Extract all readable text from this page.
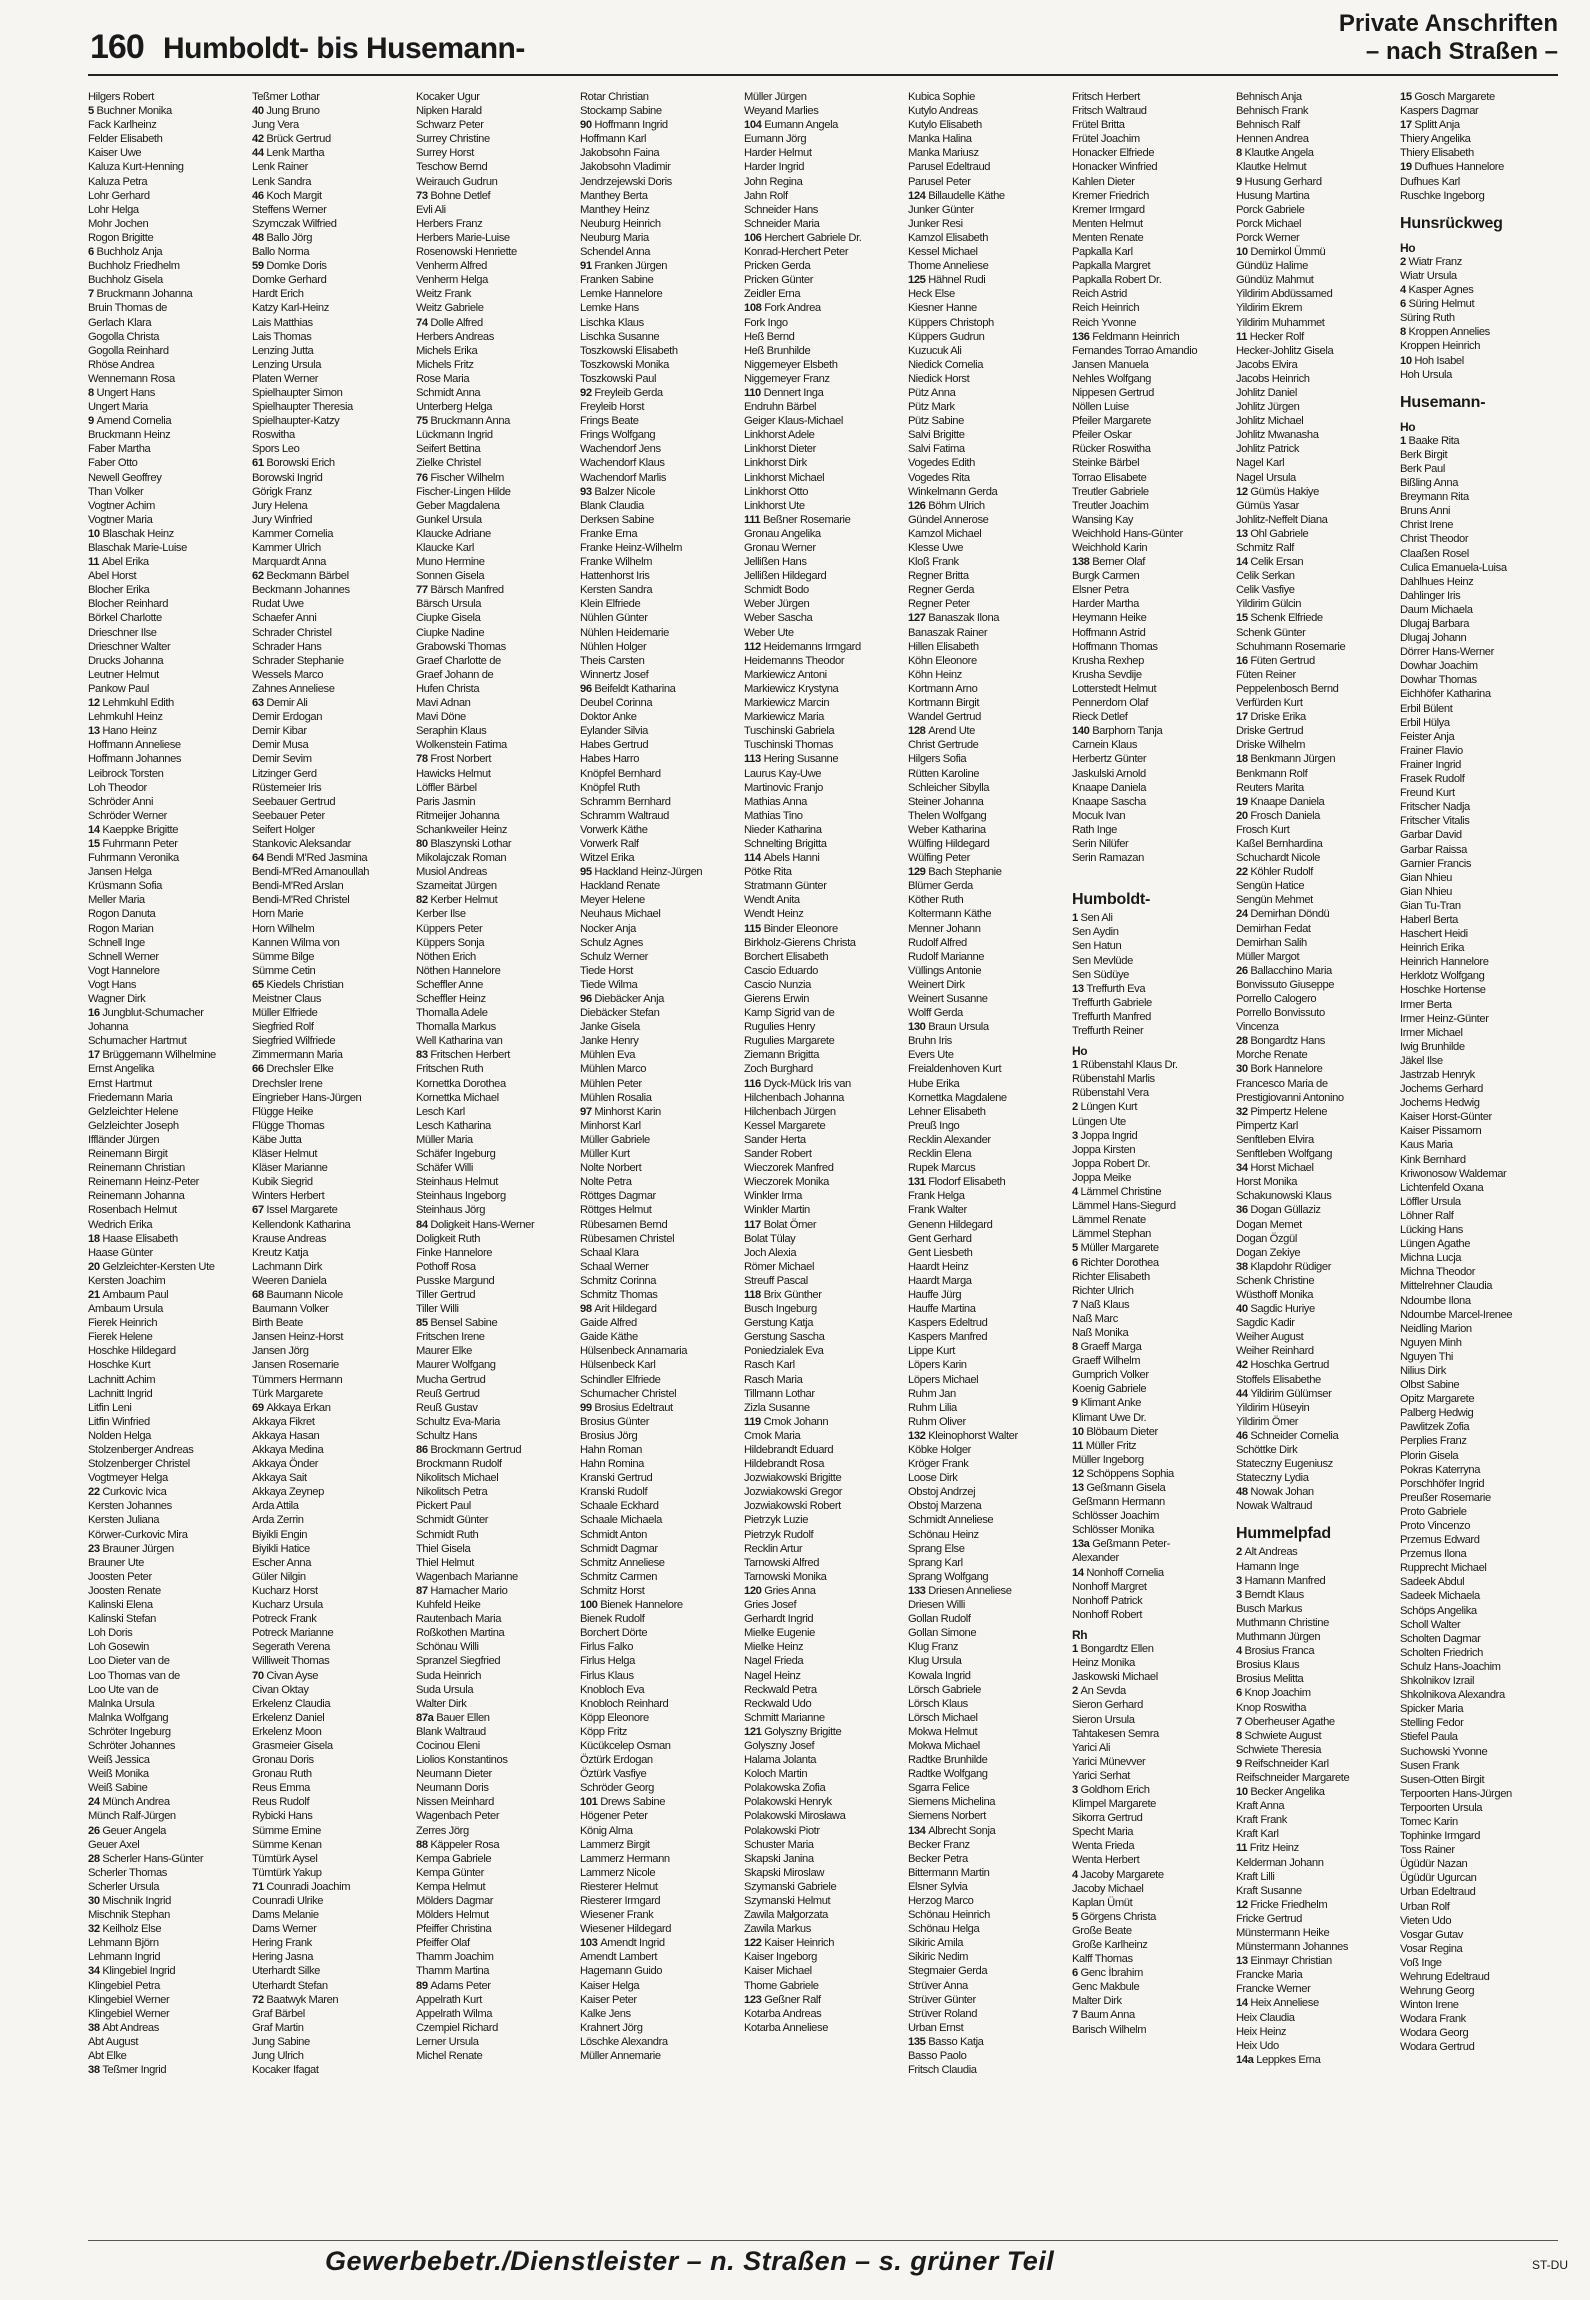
160 Humboldt- bis Husemann-
Private Anschriften
– nach Straßen –
Hilgers Robert
5 Buchner Monika
Fack Karlheinz
Felder Elisabeth
Kaiser Uwe
Kaluza Kurt-Henning
Kaluza Petra
Lohr Gerhard
Lohr Helga
Mohr Jochen
Rogon Brigitte
6 Buchholz Anja
Buchholz Friedhelm
Buchholz Gisela
7 Bruckmann Johanna
Bruin Thomas de
Gerlach Klara
Gogolla Christa
Gogolla Reinhard
Rhöse Andrea
Wennemann Rosa
8 Ungert Hans
Ungert Maria
9 Amend Cornelia
Bruckmann Heinz
Faber Martha
Faber Otto
Newell Geoffrey
Than Volker
Vogtner Achim
Vogtner Maria
10 Blaschak Heinz
Blaschak Marie-Luise
11 Abel Erika
Abel Horst
Blocher Erika
Blocher Reinhard
Börkel Charlotte
Driesch​ner Ilse
Driesch​ner Walter
Drucks Johanna
Leutner Helmut
Pankow Paul
12 Lehmkuhl Edith
Lehmkuhl Heinz
13 Hano Heinz
Hoffmann Anneliese
Hoffmann Johannes
Leibrock Torsten
Loh Theodor
Schröder Anni
Schröder Werner
14 Kaeppke Brigitte
15 Fuhrmann Peter
Fuhrmann Veronika
Jansen Helga
Krüsmann Sofia
Meller Maria
Rogon Danuta
Rogon Marian
Schnell Inge
Schnell Werner
Vogt Hannelore
Vogt Hans
Wagner Dirk
16 Jungblut-Schumacher
Johanna
Schumacher Hartmut
17 Brüggemann Wilhelmine
Ernst Angelika
Ernst Hartmut
Friedemann Maria
Gelzleichter Helene
Gelzleichter Joseph
Iffländer Jürgen
Reinemann Birgit
Reinemann Christian
Reinemann Heinz-Peter
Reinemann Johanna
Rosenbach Helmut
Wedrich Erika
18 Haase Elisabeth
Haase Günter
20 Gelzleichter-Kersten Ute
Kersten Joachim
21 Ambaum Paul
Ambaum Ursula
Fierek Heinrich
Fierek Helene
Hoschke Hildegard
Hoschke Kurt
Lachnitt Achim
Lachnitt Ingrid
Litfin Leni
Litfin Winfried
Nolden Helga
Stolzenberger Andreas
Stolzenberger Christel
Vogtmeyer Helga
22 Curkovic Ivica
Kersten Johannes
Kersten Juliana
Körwer-Curkovic Mira
23 Brauner Jürgen
Brauner Ute
Joosten Peter
Joosten Renate
Kalinski Elena
Kalinski Stefan
Loh Doris
Loh Gosewin
Loo Dieter van de
Loo Thomas van de
Loo Ute van de
Malnka Ursula
Malnka Wolfgang
Schröter Ingeburg
Schröter Johannes
Weiß Jessica
Weiß Monika
Weiß Sabine
24 Münch Andrea
Münch Ralf-Jürgen
26 Geuer Angela
Geuer Axel
28 Scherler Hans-Günter
Scherler Thomas
Scherler Ursula
30 Mischnik Ingrid
Mischnik Stephan
32 Keilholz Else
Lehmann Björn
Lehmann Ingrid
34 Klingebiel Ingrid
Klingebiel Petra
Klingebiel Werner
Klingebiel Werner
38 Abt Andreas
Abt August
Abt Elke
38 Teßmer Ingrid
Teßmer Lothar
40 Jung Bruno
Jung Vera
42 Brück Gertrud
44 Lenk Martha
Lenk Rainer
Lenk Sandra
46 Koch Margit
Steffens Werner
Szymczak Wilfried
48 Ballo Jörg
Ballo Norma
59 Domke Doris
Domke Gerhard
Hardt Erich
Katzy Karl-Heinz
Lais Matthias
Lais Thomas
Lenzing Jutta
Lenzing Ursula
Platen Werner
Spielhaupter Simon
Spielhaupter Theresia
Spielhaupter-Katzy
Roswitha
Spors Leo
61 Borowski Erich
Borowski Ingrid
Görigk Franz
Jury Helena
Jury Winfried
Kammer Cornelia
Kammer Ulrich
Marquardt Anna
62 Beckmann Bärbel
Beckmann Johannes
Rudat Uwe
Schaefer Anni
Schrader Christel
Schrader Hans
Schrader Stephanie
Wessels Marco
Zahnes Anneliese
63 Demir Ali
Demir Erdogan
Demir Kibar
Demir Musa
Demir Sevim
Litzinger Gerd
Rüstemeier Iris
Seebauer Gertrud
Seebauer Peter
Seifert Holger
Stankovic Aleksandar
64 Bendi M'Red Jasmina
Bendi-M'Red Amanoullah
Bendi-M'Red Arslan
Bendi-M'Red Christel
Horn Marie
Horn Wilhelm
Kannen Wilma von
Sümme Bilge
Sümme Cetin
65 Kiedels Christian
Meistner Claus
Müller Elfriede
Siegfried Rolf
Siegfried Wilfriede
Zimmermann Maria
66 Drechsler Elke
Drechsler Irene
Eingrieber Hans-Jürgen
Flügge Heike
Flügge Thomas
Käbe Jutta
Kläser Helmut
Kläser Marianne
Kubik Siegrid
Winters Herbert
67 Issel Margarete
Kellendonk Katharina
Krause Andreas
Kreutz Katja
Lachmann Dirk
Weeren Daniela
68 Baumann Nicole
Baumann Volker
Birth Beate
Jansen Heinz-Horst
Jansen Jörg
Jansen Rosemarie
Tümmers Hermann
Türk Margarete
69 Akkaya Erkan
Akkaya Fikret
Akkaya Hasan
Akkaya Medina
Akkaya Önder
Akkaya Sait
Akkaya Zeynep
Arda Attila
Arda Zerrin
Biyikli Engin
Biyikli Hatice
Escher Anna
Güler Nilgin
Kucharz Horst
Kucharz Ursula
Potreck Frank
Potreck Marianne
Segerath Verena
Williweit Thomas
70 Civan Ayse
Civan Oktay
Erkelenz Claudia
Erkelenz Daniel
Erkelenz Moon
Grasmeier Gisela
Gronau Doris
Gronau Ruth
Reus Emma
Reus Rudolf
Rybicki Hans
Sümme Emine
Sümme Kenan
Tümtürk Aysel
Tümtürk Yakup
71 Counradi Joachim
Counradi Ulrike
Dams Melanie
Dams Werner
Hering Frank
Hering Jasna
Uterhardt Silke
Uterhardt Stefan
72 Baatwyk Maren
Graf Bärbel
Graf Martin
Jung Sabine
Jung Ulrich
Kocaker Ifagat
Kocaker Ugur
Nipken Harald
Schwarz Peter
Surrey Christine
Surrey Horst
Teschow Bernd
Weirauch Gudrun
73 Bohne Detlef
Evli Ali
Herbers Franz
Herbers Marie-Luise
Rosenowski Henriette
Venherm Alfred
Venherm Helga
Weitz Frank
Weitz Gabriele
74 Dolle Alfred
Herbers Andreas
Michels Erika
Michels Fritz
Rose Maria
Schmidt Anna
Unterberg Helga
75 Bruckmann Anna
Lückmann Ingrid
Seifert Bettina
Zielke Christel
76 Fischer Wilhelm
Fischer-Lingen Hilde
Geber Magdalena
Gunkel Ursula
Klaucke Adriane
Klaucke Karl
Muno Hermine
Sonnen Gisela
77 Bärsch Manfred
Bärsch Ursula
Ciupke Gisela
Ciupke Nadine
Grabowski Thomas
Graef Charlotte de
Graef Johann de
Hufen Christa
Mavi Adnan
Mavi Döne
Seraphin Klaus
Wolkenstein Fatima
78 Frost Norbert
Hawicks Helmut
Löffler Bärbel
Paris Jasmin
Ritmeijer Johanna
Schankweiler Heinz
80 Blaszynski Lothar
Mikolajczak Roman
Musiol Andreas
Szameitat Jürgen
82 Kerber Helmut
Kerber Ilse
Küppers Peter
Küppers Sonja
Nöthen Erich
Nöthen Hannelore
Scheffler Anne
Scheffler Heinz
Thomalla Adele
Thomalla Markus
Well Katharina van
83 Fritschen Herbert
Fritschen Ruth
Kornettka Dorothea
Kornettka Michael
Lesch Karl
Lesch Katharina
Müller Maria
Schäfer Ingeburg
Schäfer Willi
Steinhaus Helmut
Steinhaus Ingeborg
Steinhaus Jörg
84 Doligkeit Hans-Werner
Doligkeit Ruth
Finke Hannelore
Pothoff Rosa
Pusske Margund
Tiller Gertrud
Tiller Willi
85 Bensel Sabine
Fritschen Irene
Maurer Elke
Maurer Wolfgang
Mucha Gertrud
Reuß Gertrud
Reuß Gustav
Schultz Eva-Maria
Schultz Hans
86 Brockmann Gertrud
Brockmann Rudolf
Nikolitsch Michael
Nikolitsch Petra
Pickert Paul
Schmidt Günter
Schmidt Ruth
Thiel Gisela
Thiel Helmut
Wagenbach Marianne
87 Hamacher Mario
Kuhfeld Heike
Rautenbach Maria
Roßkothen Martina
Schönau Willi
Spranzel Siegfried
Suda Heinrich
Suda Ursula
Walter Dirk
87a Bauer Ellen
Blank Waltraud
Cocinou Eleni
Liolios Konstantinos
Neumann Dieter
Neumann Doris
Nissen Meinhard
Wagenbach Peter
Zerres Jörg
88 Käppeler Rosa
Kempa Gabriele
Kempa Günter
Kempa Helmut
Mölders Dagmar
Mölders Helmut
Pfeiffer Christina
Pfeiffer Olaf
Thamm Joachim
Thamm Martina
89 Adams Peter
Appelrath Kurt
Appelrath Wilma
Czempiel Richard
Lerner Ursula
Michel Renate
Rotar Christian
Stockamp Sabine
90 Hoffmann Ingrid
Hoffmann Karl
Jakobsohn Faina
Jakobsohn Vladimir
Jendrzejewski Doris
Manthey Berta
Manthey Heinz
Neuburg Heinrich
Neuburg Maria
Schendel Anna
91 Franken Jürgen
Franken Sabine
Lemke Hannelore
Lemke Hans
Lischka Klaus
Lischka Susanne
Toszkowski Elisabeth
Toszkowski Monika
Toszkowski Paul
92 Freyleib Gerda
Freyleib Horst
Frings Beate
Frings Wolfgang
Wachendorf Jens
Wachendorf Klaus
Wachendorf Marlis
93 Balzer Nicole
Blank Claudia
Derksen Sabine
Franke Erna
Franke Heinz-Wilhelm
Franke Wilhelm
Hattenhorst Iris
Kersten Sandra
Klein Elfriede
Nühlen Günter
Nühlen Heidemarie
Nühlen Holger
Theis Carsten
Winnertz Josef
96 Beifeldt Katharina
Deubel Corinna
Doktor Anke
Eylander Silvia
Habes Gertrud
Habes Harro
Knöpfel Bernhard
Knöpfel Ruth
Schramm Bernhard
Schramm Waltraud
Vorwerk Käthe
Vorwerk Ralf
Witzel Erika
95 Hackland Heinz-Jürgen
Hackland Renate
Meyer Helene
Neuhaus Michael
Nocker Anja
Schulz Agnes
Schulz Werner
Tiede Horst
Tiede Wilma
96 Diebäcker Anja
Diebäcker Stefan
Janke Gisela
Janke Henry
Mühlen Eva
Mühlen Marco
Mühlen Peter
Mühlen Rosalia
97 Minhorst Karin
Minhorst Karl
Müller Gabriele
Müller Kurt
Nolte Norbert
Nolte Petra
Röttges Dagmar
Röttges Helmut
Rübesamen Bernd
Rübesamen Christel
Schaal Klara
Schaal Werner
Schmitz Corinna
Schmitz Thomas
98 Arit Hildegard
Gaide Alfred
Gaide Käthe
Hülsenbeck Annamaria
Hülsenbeck Karl
Schindler Elfriede
Schumacher Christel
99 Brosius Edeltraut
Brosius Günter
Brosius Jörg
Hahn Roman
Hahn Romina
Kranski Gertrud
Kranski Rudolf
Schaale Eckhard
Schaale Michaela
Schmidt Anton
Schmidt Dagmar
Schmitz Anneliese
Schmitz Carmen
Schmitz Horst
100 Bienek Hannelore
Bienek Rudolf
Borchert Dörte
Firlus Falko
Firlus Helga
Firlus Klaus
Knobloch Eva
Knobloch Reinhard
Köpp Eleonore
Köpp Fritz
Kücükcelep Osman
Öztürk Erdogan
Öztürk Vasfiye
Schröder Georg
101 Drews Sabine
Högener Peter
König Alma
Lammerz Birgit
Lammerz Hermann
Lammerz Nicole
Riesterer Helmut
Riesterer Irmgard
Wiesener Frank
Wiesener Hildegard
103 Amendt Ingrid
Amendt Lambert
Hagemann Guido
Kaiser Helga
Kaiser Peter
Kalke Jens
Krahnert Jörg
Löschke Alexandra
Müller Annemarie
Müller Jürgen
Weyand Marlies
104 Eumann Angela
Eumann Jörg
Harder Helmut
Harder Ingrid
John Regina
Jahn Rolf
Schneider Hans
Schneider Maria
106 Herchert Gabriele Dr.
Konrad-Herchert Peter
Pricken Gerda
Pricken Günter
Zeidler Erna
108 Fork Andrea
Fork Ingo
Heß Bernd
Heß Brunhilde
Niggemeyer Elsbeth
Niggemeyer Franz
110 Dennert Inga
Endruhn Bärbel
Geiger Klaus-Michael
Linkhorst Adele
Linkhorst Dieter
Linkhorst Dirk
Linkhorst Michael
Linkhorst Otto
Linkhorst Ute
111 Beßner Rosemarie
Gronau Angelika
Gronau Werner
Jellißen Hans
Jellißen Hildegard
Schmidt Bodo
Weber Jürgen
Weber Sascha
Weber Ute
112 Heidemanns Irmgard
Heidemanns Theodor
Markiewicz Antoni
Markiewicz Krystyna
Markiewicz Marcin
Markiewicz Maria
Tuschinski Gabriela
Tuschinski Thomas
113 Hering Susanne
Laurus Kay-Uwe
Martinovic Franjo
Mathias Anna
Mathias Tino
Nieder Katharina
Schnelting Brigitta
114 Abels Hanni
Pötke Rita
Stratmann Günter
Wendt Anita
Wendt Heinz
115 Binder Eleonore
Birkholz-Gierens Christa
Borchert Elisabeth
Cascio Eduardo
Cascio Nunzia
Gierens Erwin
Kamp Sigrid van de
Rugulies Henry
Rugulies Margarete
Ziemann Brigitta
Zoch Burghard
116 Dyck-Mück Iris van
Hilchenbach Johanna
Hilchenbach Jürgen
Kessel Margarete
Sander Herta
Sander Robert
Wieczorek Manfred
Wieczorek Monika
Winkler Irma
Winkler Martin
117 Bolat Ömer
Bolat Tülay
Joch Alexia
Römer Michael
Streuff Pascal
118 Brix Günther
Busch Ingeburg
Gerstung Katja
Gerstung Sascha
Poniedzialek Eva
Rasch Karl
Rasch Maria
Tillmann Lothar
Zizla Susanne
119 Cmok Johann
Cmok Maria
Hildebrandt Eduard
Hildebrandt Rosa
Jozwiakowski Brigitte
Jozwiakowski Gregor
Jozwiakowski Robert
Pietrzyk Luzie
Pietrzyk Rudolf
Recklin Artur
Tarnowski Alfred
Tarnowski Monika
120 Gries Anna
Gries Josef
Gerhardt Ingrid
Mielke Eugenie
Mielke Heinz
Nagel Frieda
Nagel Heinz
Reckwald Petra
Reckwald Udo
Schmitt Marianne
121 Golyszny Brigitte
Golyszny Josef
Halama Jolanta
Koloch Martin
Polakowska Zofia
Polakowski Henryk
Polakowski Mirosława
Polakowski Piotr
Schuster Maria
Skapski Janina
Skapski Miroslaw
Szymanski Gabriele
Szymanski Helmut
Zawila Małgorzata
Zawila Markus
122 Kaiser Heinrich
Kaiser Ingeborg
Kaiser Michael
Thome Gabriele
123 Geßner Ralf
Kotarba Andreas
Kotarba Anneliese
Kubica Sophie
Kutylo Andreas
Kutylo Elisabeth
Manka Halina
Manka Mariusz
Parusel Edeltraud
Parusel Peter
124 Billaudelle Käthe
Junker Günter
Junker Resi
Kamzol Elisabeth
Kessel Michael
Thome Anneliese
125 Hähnel Rudi
Heck Else
Kiesner Hanne
Küppers Christoph
Küppers Gudrun
Kuzucuk Ali
Niedick Cornelia
Niedick Horst
Pütz Anna
Pütz Mark
Pütz Sabine
Salvi Brigitte
Salvi Fatima
Vogedes Edith
Vogedes Rita
Winkelmann Gerda
126 Böhm Ulrich
Gündel Annerose
Kamzol Michael
Klesse Uwe
Kloß Frank
Regner Britta
Regner Gerda
Regner Peter
127 Banaszak Ilona
Banaszak Rainer
Hillen Elisabeth
Köhn Eleonore
Köhn Heinz
Kortmann Arno
Kortmann Birgit
Wandel Gertrud
128 Arend Ute
Christ Gertrude
Hilgers Sofia
Rütten Karoline
Schleicher Sibylla
Steiner Johanna
Thelen Wolfgang
Weber Katharina
Wülfing Hildegard
Wülfing Peter
129 Bach Stephanie
Blümer Gerda
Köther Ruth
Koltermann Käthe
Menner Johann
Rudolf Alfred
Rudolf Marianne
Vüllings Antonie
Weinert Dirk
Weinert Susanne
Wolff Gerda
130 Braun Ursula
Bruhn Iris
Evers Ute
Freialdenhoven Kurt
Hube Erika
Kornettka Magdalene
Lehner Elisabeth
Preuß Ingo
Recklin Alexander
Recklin Elena
Rupek Marcus
131 Flodorf Elisabeth
Frank Helga
Frank Walter
Genenn Hildegard
Gent Gerhard
Gent Liesbeth
Haardt Heinz
Haardt Marga
Hauffe Jürg
Hauffe Martina
Kaspers Edeltrud
Kaspers Manfred
Lippe Kurt
Löpers Karin
Löpers Michael
Ruhm Jan
Ruhm Lilia
Ruhm Oliver
132 Kleinophorst Walter
Köbke Holger
Kröger Frank
Loose Dirk
Obstoj Andrzej
Obstoj Marzena
Schmidt Anneliese
Schönau Heinz
Sprang Else
Sprang Karl
Sprang Wolfgang
133 Driesen Anneliese
Driesen Willi
Gollan Rudolf
Gollan Simone
Klug Franz
Klug Ursula
Kowala Ingrid
Lörsch Gabriele
Lörsch Klaus
Lörsch Michael
Mokwa Helmut
Mokwa Michael
Radtke Brunhilde
Radtke Wolfgang
Sgarra Felice
Siemens Michelina
Siemens Norbert
134 Albrecht Sonja
Becker Franz
Becker Petra
Bittermann Martin
Elsner Sylvia
Herzog Marco
Schönau Heinrich
Schönau Helga
Sikiric Amila
Sikiric Nedim
Stegmaier Gerda
Strüver Anna
Strüver Günter
Strüver Roland
Urban Ernst
135 Basso Katja
Basso Paolo
Fritsch Claudia
Fritsch Herbert
Fritsch Waltraud
Frütel Britta
Frütel Joachim
Honacker Elfriede
Honacker Winfried
Kahlen Dieter
Kremer Friedrich
Kremer Irmgard
Menten Helmut
Menten Renate
Papkalla Karl
Papkalla Margret
Papkalla Robert Dr.
Reich Astrid
Reich Heinrich
Reich Yvonne
136 Feldmann Heinrich
Fernandes Torrao Amandio
Jansen Manuela
Nehles Wolfgang
Nippesen Gertrud
Nöllen Luise
Pfeiler Margarete
Pfeiler Oskar
Rücker Roswitha
Steinke Bärbel
Torrao Elisabete
Treutler Gabriele
Treutler Joachim
Wansing Kay
Weichhold Hans-Günter
Weichhold Karin
138 Berner Olaf
Burgk Carmen
Elsner Petra
Harder Martha
Heymann Heike
Hoffmann Astrid
Hoffmann Thomas
Krusha Rexhep
Krusha Sevdije
Lotterstedt Helmut
Pennerdorn Olaf
Rieck Detlef
140 Barphorn Tanja
Carnein Klaus
Herbertz Günter
Jaskulski Arnold
Knaape Daniela
Knaape Sascha
Mocuk Ivan
Rath Inge
Serin Nilüfer
Serin Ramazan

Humboldt-
1 Sen Ali
Sen Aydin
Sen Hatun
Sen Mevlüde
Sen Südüye
13 Treffurth Eva
Treffurth Gabriele
Treffurth Manfred
Treffurth Reiner
Ho
1 Rübenstahl Klaus Dr.
Rübenstahl Marlis
Rübenstahl Vera
2 Lüngen Kurt
Lüngen Ute
3 Joppa Ingrid
Joppa Kirsten
Joppa Robert Dr.
Joppa Meike
4 Lämmel Christine
Lämmel Hans-Siegurd
Lämmel Renate
Lämmel Stephan
5 Müller Margarete
6 Richter Dorothea
Richter Elisabeth
Richter Ulrich
7 Naß Klaus
Naß Marc
Naß Monika
8 Graeff Marga
Graeff Wilhelm
Gumprich Volker
Koenig Gabriele
9 Klimant Anke
Klimant Uwe Dr.
10 Blöbaum Dieter
11 Müller Fritz
Müller Ingeborg
12 Schöppens Sophia
13 Geßmann Gisela
Geßmann Hermann
Schlösser Joachim
Schlösser Monika
13a Geßmann Peter-
Alexander
14 Nonhoff Cornelia
Nonhoff Margret
Nonhoff Patrick
Nonhoff Robert
Rh
1 Bongardtz Ellen
Heinz Monika
Jaskowski Michael
2 An Sevda
Sieron Gerhard
Sieron Ursula
Tahtakesen Semra
Yarici Ali
Yarici Münevver
Yarici Serhat
3 Goldhorn Erich
Klimpel Margarete
Sikorra Gertrud
Specht Maria
Wenta Frieda
Wenta Herbert
4 Jacoby Margarete
Jacoby Michael
Kaplan Ümüt
5 Görgens Christa
Große Beate
Große Karlheinz
Kalff Thomas
6 Genc İbrahim
Genc Makbule
Malter Dirk
7 Baum Anna
Barisch Wilhelm
Behnisch Anja
Behnisch Frank
Behnisch Ralf
Hennen Andrea
8 Klautke Angela
Klautke Helmut
9 Husung Gerhard
Husung Martina
Porck Gabriele
Porck Michael
Porck Werner
10 Demirkol Ümmü
Gündüz Halime
Gündüz Mahmut
Yildirim Abdüssamed
Yildirim Ekrem
Yildirim Muhammet
11 Hecker Rolf
Hecker-Johlitz Gisela
Jacobs Elvira
Jacobs Heinrich
Johlitz Daniel
Johlitz Jürgen
Johlitz Michael
Johlitz Mwanasha
Johlitz Patrick
Nagel Karl
Nagel Ursula
12 Gümüs Hakiye
Gümüs Yasar
Johlitz-Neffelt Diana
13 Ohl Gabriele
Schmitz Ralf
14 Celik Ersan
Celik Serkan
Celik Vasfiye
Yildirim Gülcin
15 Schenk Elfriede
Schenk Günter
Schuhmann Rosemarie
16 Füten Gertrud
Füten Reiner
Peppelenbosch Bernd
Verfürden Kurt
17 Driske Erika
Driske Gertrud
Driske Wilhelm
18 Benkmann Jürgen
Benkmann Rolf
Reuters Marita
19 Knaape Daniela
20 Frosch Daniela
Frosch Kurt
Kaßel Bernhardina
Schuchardt Nicole
22 Köhler Rudolf
Sengün Hatice
Sengün Mehmet
24 Demirhan Döndü
Demirhan Fedat
Demirhan Salih
Müller Margot
26 Ballacchino Maria
Bonvissuto Giuseppe
Porrello Calogero
Porrello Bonvissuto
Vincenza
28 Bongardtz Hans
Morche Renate
30 Bork Hannelore
Francesco Maria de
Prestigiovanni Antonino
32 Pimpertz Helene
Pimpertz Karl
Senftleben Elvira
Senftleben Wolfgang
34 Horst Michael
Horst Monika
Schakunowski Klaus
36 Dogan Güllaziz
Dogan Memet
Dogan Özgül
Dogan Zekiye
38 Klapdohr Rüdiger
Schenk Christine
Wüsthoff Monika
40 Sagdic Huriye
Sagdic Kadir
Weiher August
Weiher Reinhard
42 Hoschka Gertrud
Stoffels Elisabethe
44 Yildirim Gülümser
Yildirim Hüseyin
Yildirim Ömer
46 Schneider Cornelia
Schöttke Dirk
Stateczny Eugeniusz
Stateczny Lydia
48 Nowak Johan
Nowak Waltraud
Hummelpfad
2 Alt Andreas
Hamann Inge
3 Hamann Manfred
3 Berndt Klaus
Busch Markus
Muthmann Christine
Muthmann Jürgen
4 Brosius Franca
Brosius Klaus
Brosius Melitta
6 Knop Joachim
Knop Roswitha
7 Oberheuser Agathe
8 Schwiete August
Schwiete Theresia
9 Reifschneider Karl
Reifschneider Margarete
10 Becker Angelika
Kraft Anna
Kraft Frank
Kraft Karl
11 Fritz Heinz
Kelderman Johann
Kraft Lilli
Kraft Susanne
12 Fricke Friedhelm
Fricke Gertrud
Münstermann Heike
Münstermann Johannes
13 Einmayr Christian
Francke Maria
Francke Werner
14 Heix Anneliese
Heix Claudia
Heix Heinz
Heix Udo
14a Leppkes Erna
15 Gosch Margarete
Kaspers Dagmar
17 Splitt Anja
Thiery Angelika
Thiery Elisabeth
19 Dufhues Hannelore
Dufhues Karl
Ruschke Ingeborg
Hunsrückweg
Ho
2 Wiatr Franz
Wiatr Ursula
4 Kasper Agnes
6 Süring Helmut
Süring Ruth
8 Kroppen Annelies
Kroppen Heinrich
10 Hoh Isabel
Hoh Ursula
Husemann-
Ho
1 Baake Rita
Berk Birgit
Berk Paul
Bißling Anna
Breymann Rita
Bruns Anni
Christ Irene
Christ Theodor
Claaßen Rosel
Culica Emanuela-Luisa
Dahlhues Heinz
Dahlinger Iris
Daum Michaela
Dlugaj Barbara
Dlugaj Johann
Dörrer Hans-Werner
Dowhar Joachim
Dowhar Thomas
Eichhöfer Katharina
Erbil Bülent
Erbil Hülya
Feister Anja
Frainer Flavio
Frainer Ingrid
Frasek Rudolf
Freund Kurt
Fritscher Nadja
Fritscher Vitalis
Garbar David
Garbar Raissa
Garnier Francis
Gian Nhieu
Gian Nhieu
Gian Tu-Tran
Haberl Berta
Haschert Heidi
Heinrich Erika
Heinrich Hannelore
Herklotz Wolfgang
Hoschke Hortense
Irmer Berta
Irmer Heinz-Günter
Irmer Michael
Iwig Brunhilde
Jäkel Ilse
Jastrzab Henryk
Jochems Gerhard
Jochems Hedwig
Kaiser Horst-Günter
Kaiser Pissamorn
Kaus Maria
Kink Bernhard
Kriwonosow Waldemar
Lichtenfeld Oxana
Löffler Ursula
Löhner Ralf
Lücking Hans
Lüngen Agathe
Michna Lucja
Michna Theodor
Mittelrehner Claudia
Ndoumbe Ilona
Ndoumbe Marcel-Irenee
Neidling Marion
Nguyen Minh
Nguyen Thi
Nilius Dirk
Olbst Sabine
Opitz Margarete
Palberg Hedwig
Pawlitzek Zofia
Perplies Franz
Plorin Gisela
Pokras Katerryna
Porschhöfer Ingrid
Preußer Rosemarie
Proto Gabriele
Proto Vincenzo
Przemus Edward
Przemus Ilona
Rupprecht Michael
Sadeek Abdul
Sadeek Michaela
Schöps Angelika
Scholl Walter
Scholten Dagmar
Scholten Friedrich
Schulz Hans-Joachim
Shkolnikov Izrail
Shkolnikova Alexandra
Spicker Maria
Stelling Fedor
Stiefel Paula
Suchowski Yvonne
Susen Frank
Susen-Otten Birgit
Terpoorten Hans-Jürgen
Terpoorten Ursula
Tomec Karin
Tophinke Irmgard
Toss Rainer
Ügüdür Nazan
Ügüdür Ugurcan
Urban Edeltraud
Urban Rolf
Vieten Udo
Vosgar Gutav
Vosar Regina
Voß Inge
Wehrung Edeltraud
Wehrung Georg
Winton Irene
Wodara Frank
Wodara Georg
Wodara Gertrud
Gewerbebetr./Dienstleister – n. Straßen – s. grüner Teil	ST-DU
